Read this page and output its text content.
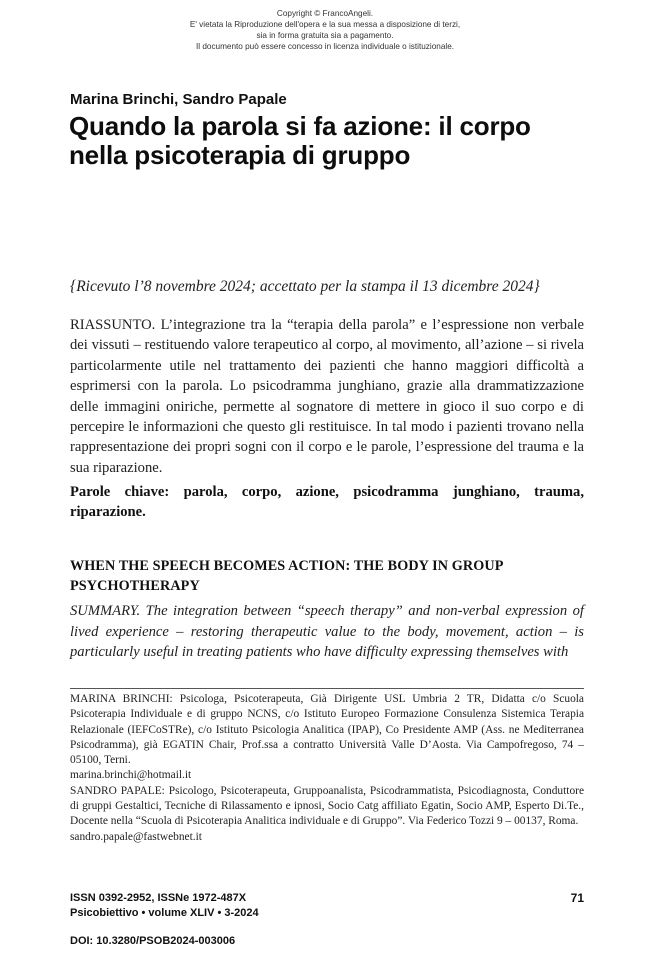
Copyright © FrancoAngeli.
E' vietata la Riproduzione dell'opera e la sua messa a disposizione di terzi,
sia in forma gratuita sia a pagamento.
Il documento può essere concesso in licenza individuale o istituzionale.
Marina Brinchi, Sandro Papale
Quando la parola si fa azione: il corpo nella psicoterapia di gruppo
{Ricevuto l’8 novembre 2024; accettato per la stampa il 13 dicembre 2024}
RIASSUNTO. L’integrazione tra la “terapia della parola” e l’espressione non verbale dei vissuti – restituendo valore terapeutico al corpo, al movimento, all’azione – si rivela particolarmente utile nel trattamento dei pazienti che hanno maggiori difficoltà a esprimersi con la parola. Lo psicodramma junghiano, grazie alla drammatizzazione delle immagini oniriche, permette al sognatore di mettere in gioco il suo corpo e di percepire le informazioni che questo gli restituisce. In tal modo i pazienti trovano nella rappresentazione dei propri sogni con il corpo e le parole, l’espressione del trauma e la sua riparazione.
Parole chiave: parola, corpo, azione, psicodramma junghiano, trauma, riparazione.
WHEN THE SPEECH BECOMES ACTION: THE BODY IN GROUP PSYCHOTHERAPY
SUMMARY. The integration between “speech therapy” and non-verbal expression of lived experience – restoring therapeutic value to the body, movement, action – is particularly useful in treating patients who have difficulty expressing themselves with

MARINA BRINCHI: Psicologa, Psicoterapeuta, Già Dirigente USL Umbria 2 TR, Didatta c/o Scuola Psicoterapia Individuale e di gruppo NCNS, c/o Istituto Europeo Formazione Consulenza Sistemica Terapia Relazionale (IEFCoSTRe), c/o Istituto Psicologia Analitica (IPAP), Co Presidente AMP (Ass. ne Mediterranea Psicodramma), già EGATIN Chair, Prof.ssa a contratto Università Valle D’Aosta. Via Campofregoso, 74 – 05100, Terni.

marina.brinchi@hotmail.it

SANDRO PAPALE: Psicologo, Psicoterapeuta, Gruppoanalista, Psicodrammatista, Psicodiagnosta, Conduttore di gruppi Gestaltici, Tecniche di Rilassamento e ipnosi, Socio Catg affiliato Egatin, Socio AMP, Esperto Di.Te., Docente nella “Scuola di Psicoterapia Analitica individuale e di Gruppo”. Via Federico Tozzi 9 – 00137, Roma.

sandro.papale@fastwebnet.it

ISSN 0392-2952, ISSNe 1972-487X
Psicobiettivo • volume XLIV • 3-2024
71
DOI: 10.3280/PSOB2024-003006
